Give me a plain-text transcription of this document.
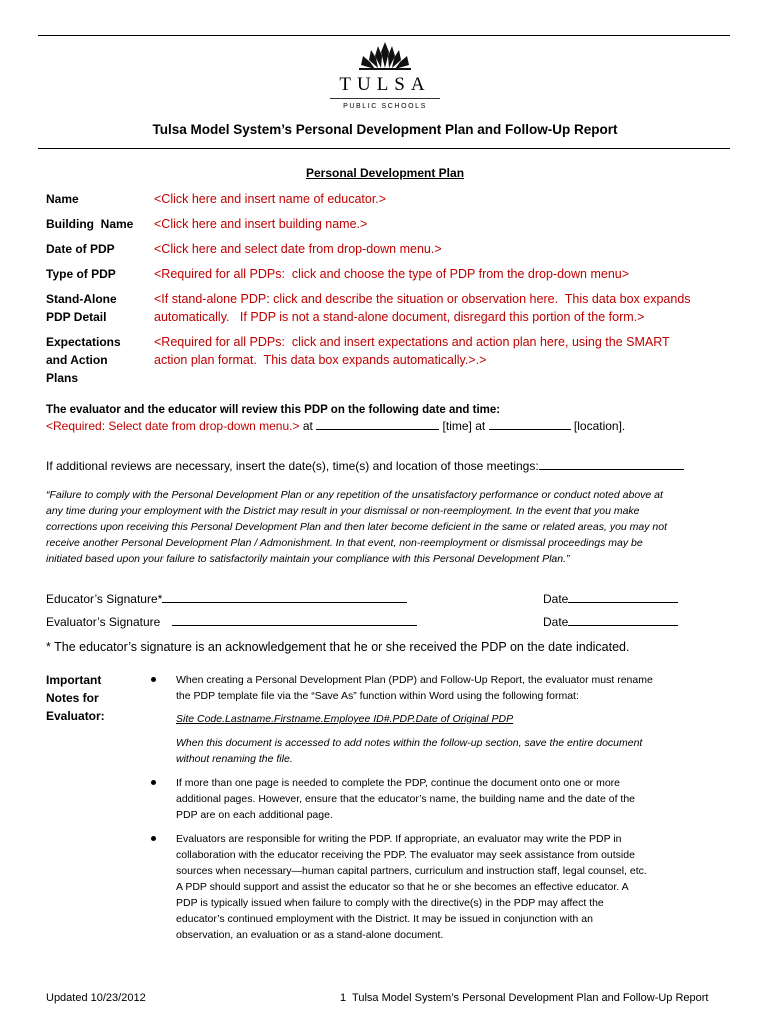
TULSA
PUBLIC SCHOOLS
Tulsa Model System’s Personal Development Plan and Follow-Up Report
Personal Development Plan
Name	<Click here and insert name of educator.>
Building  Name <Click here and insert building name.>
Date of PDP	<Click here and select date from drop-down menu.>
Type of PDP	<Required for all PDPs:  click and choose the type of PDP from the drop-down menu>
Stand-Alone
PDP Detail
<If stand-alone PDP: click and describe the situation or observation here.  This data box expands
automatically.   If PDP is not a stand-alone document, disregard this portion of the form.>
Expectations
and Action
Plans
<Required for all PDPs:  click and insert expectations and action plan here, using the SMART
action plan format.  This data box expands automatically.>.>
The evaluator and the educator will review this PDP on the following date and time:
<Required: Select date from drop-down menu.> at	[time] at	[location].
If additional reviews are necessary, insert the date(s), time(s) and location of those meetings:
“Failure to comply with the Personal Development Plan or any repetition of the unsatisfactory performance or conduct noted above at
any time during your employment with the District may result in your dismissal or non-reemployment. In the event that you make
corrections upon receiving this Personal Development Plan and then later become deficient in the same or related areas, you may not
receive another Personal Development Plan / Admonishment. In that event, non-reemployment or dismissal proceedings may be
initiated based upon your failure to satisfactorily maintain your compliance with this Personal Development Plan.”
Educator’s Signature*	Date
Evaluator’s Signature	Date
* The educator’s signature is an acknowledgement that he or she received the PDP on the date indicated.
Important
Notes for
Evaluator:
When creating a Personal Development Plan (PDP) and Follow-Up Report, the evaluator must rename
the PDP template file via the “Save As” function within Word using the following format:
Site Code.Lastname.Firstname.Employee ID#.PDP.Date of Original PDP
When this document is accessed to add notes within the follow-up section, save the entire document
without renaming the file.
If more than one page is needed to complete the PDP, continue the document onto one or more
additional pages. However, ensure that the educator’s name, the building name and the date of the
PDP are on each additional page.
Evaluators are responsible for writing the PDP. If appropriate, an evaluator may write the PDP in
collaboration with the educator receiving the PDP. The evaluator may seek assistance from outside
sources when necessary—human capital partners, curriculum and instruction staff, legal counsel, etc.
A PDP should support and assist the educator so that he or she becomes an effective educator. A
PDP is typically issued when failure to comply with the directive(s) in the PDP may affect the
educator’s continued employment with the District. It may be issued in conjunction with an
observation, an evaluation or as a stand-alone document.
Updated 10/23/2012	1 Tulsa Model System’s Personal Development Plan and Follow-Up Report
